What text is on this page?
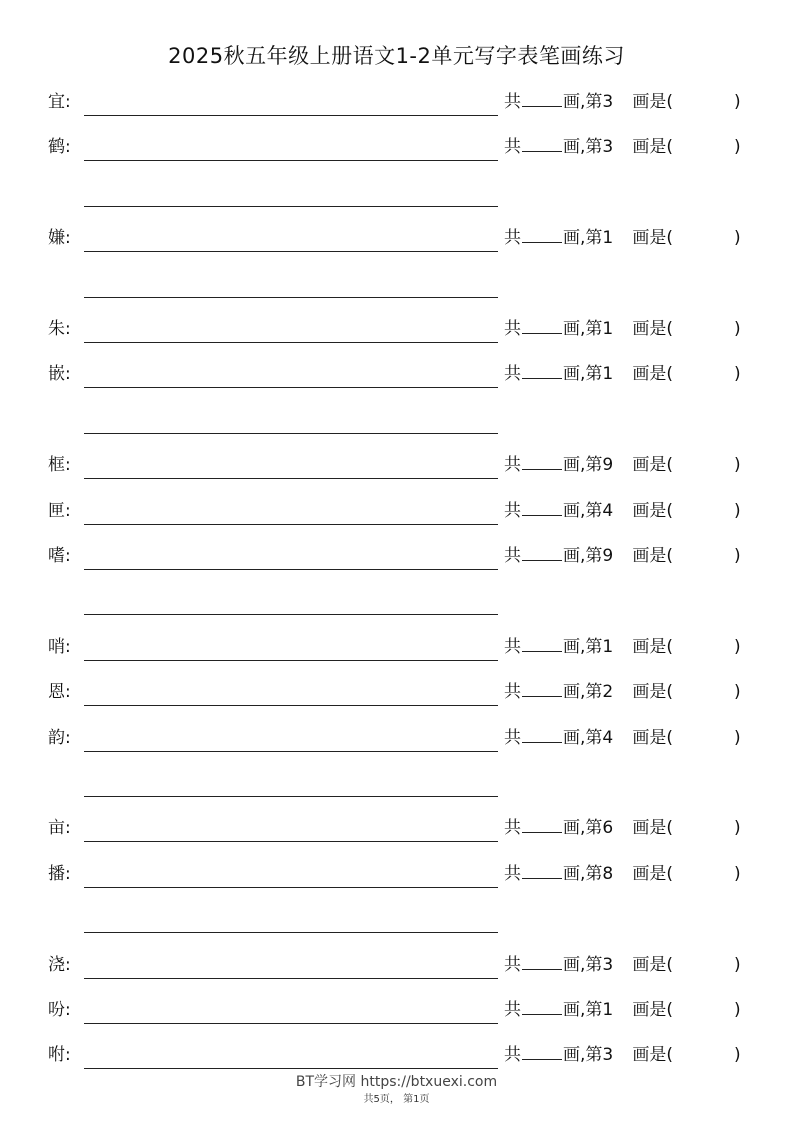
2025秋五年级上册语文1-2单元写字表笔画练习
宜:	共 画,第3 画是(	)
鹤:	共 画,第3 画是(	)
嫌:	共 画,第1 画是(	)
朱:	共 画,第1 画是(	)
嵌:	共 画,第1 画是(	)
框:	共 画,第9 画是(	)
匣:	共 画,第4 画是(	)
嗜:	共 画,第9 画是(	)
哨:	共 画,第1 画是(	)
恩:	共 画,第2 画是(	)
韵:	共 画,第4 画是(	)
亩:	共 画,第6 画是(	)
播:	共 画,第8 画是(	)
浇:	共 画,第3 画是(	)
吩:	共 画,第1 画是(	)
咐:	共 画,第3 画是(	)
BT学习网 https://btxuexi.com
共5页， 第1页
